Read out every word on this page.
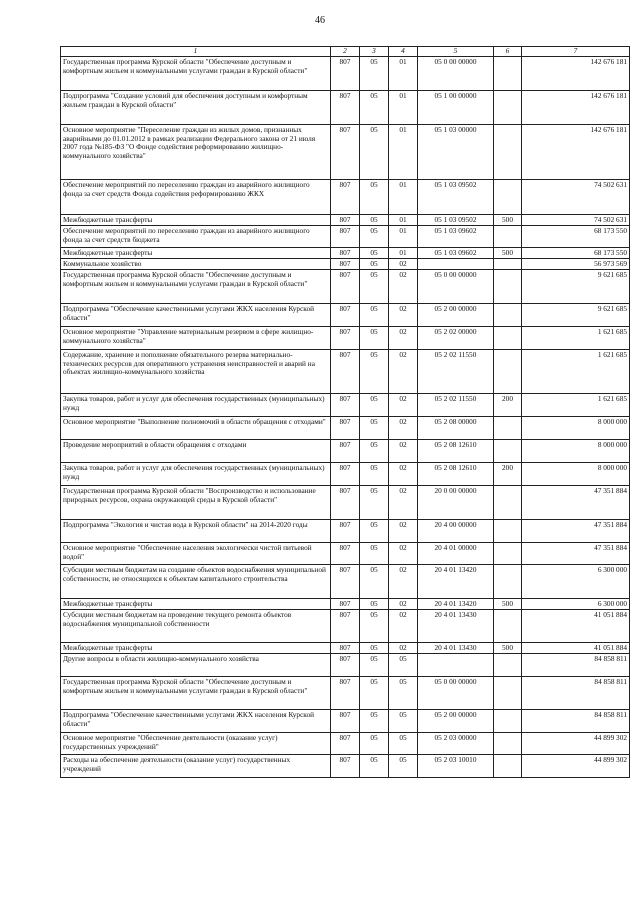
46
1	2	3	4	5	6	7
Государственная программа Курской области "Обеспечение доступным и комфортным жильем и коммунальными услугами граждан в Курской области"	807	05	01	05 0 00 00000		142 676 181
Подпрограмма "Создание условий для обеспечения доступным и комфортным жильем граждан в Курской области"	807	05	01	05 1 00 00000		142 676 181
Основное мероприятие "Переселение граждан из жилых домов, признанных аварийными до 01.01.2012 в рамках реализации Федерального закона от 21 июля 2007 года №185-ФЗ "О Фонде содействия реформированию жилищно-коммунального хозяйства"	807	05	01	05 1 03 00000		142 676 181
Обеспечение мероприятий по переселению граждан из аварийного жилищного фонда за счет средств Фонда содействия реформированию ЖКХ	807	05	01	05 1 03 09502		74 502 631
Межбюджетные трансферты	807	05	01	05 1 03 09502	500	74 502 631
Обеспечение мероприятий по переселению граждан из аварийного жилищного фонда за счет средств бюджета	807	05	01	05 1 03 09602		68 173 550
Межбюджетные трансферты	807	05	01	05 1 03 09602	500	68 173 550
Коммунальное хозяйство	807	05	02			56 973 569
Государственная программа Курской области "Обеспечение доступным и комфортным жильем и коммунальными услугами граждан в Курской области"	807	05	02	05 0 00 00000		9 621 685
Подпрограмма "Обеспечение качественными услугами ЖКХ населения Курской области"	807	05	02	05 2 00 00000		9 621 685
Основное мероприятие "Управление материальным резервом в сфере жилищно-коммунального хозяйства"	807	05	02	05 2 02 00000		1 621 685
Содержание, хранение и пополнение обязательного резерва материально-технических ресурсов для оперативного устранения неисправностей и аварий на объектах жилищно-коммунального хозяйства	807	05	02	05 2 02 11550		1 621 685
Закупка товаров, работ и услуг для обеспечения государственных (муниципальных) нужд	807	05	02	05 2 02 11550	200	1 621 685
Основное мероприятие "Выполнение полномочий в области обращения с отходами"	807	05	02	05 2 08 00000		8 000 000
Проведение мероприятий в области обращения с отходами	807	05	02	05 2 08 12610		8 000 000
Закупка товаров, работ и услуг для обеспечения государственных (муниципальных) нужд	807	05	02	05 2 08 12610	200	8 000 000
Государственная программа Курской области "Воспроизводство и использование природных ресурсов, охрана окружающей среды в Курской области"	807	05	02	20 0 00 00000		47 351 884
Подпрограмма "Экология и чистая вода в Курской области" на 2014-2020 годы	807	05	02	20 4 00 00000		47 351 884
Основное мероприятие "Обеспечение населения экологически чистой питьевой водой"	807	05	02	20 4 01 00000		47 351 884
Субсидии местным бюджетам на создание объектов водоснабжения муниципальной собственности, не относящихся к объектам капитального строительства	807	05	02	20 4 01 13420		6 300 000
Межбюджетные трансферты	807	05	02	20 4 01 13420	500	6 300 000
Субсидии местным бюджетам на проведение текущего ремонта объектов водоснабжения муниципальной собственности	807	05	02	20 4 01 13430		41 051 884
Межбюджетные трансферты	807	05	02	20 4 01 13430	500	41 051 884
Другие вопросы в области жилищно-коммунального хозяйства	807	05	05			84 858 811
Государственная программа Курской области "Обеспечение доступным и комфортным жильем и коммунальными услугами граждан в Курской области"	807	05	05	05 0 00 00000		84 858 811
Подпрограмма "Обеспечение качественными услугами ЖКХ населения Курской области"	807	05	05	05 2 00 00000		84 858 811
Основное мероприятие "Обеспечение деятельности (оказание услуг) государственных учреждений"	807	05	05	05 2 03 00000		44 899 302
Расходы на обеспечение деятельности (оказание услуг) государственных учреждений	807	05	05	05 2 03 10010		44 899 302
